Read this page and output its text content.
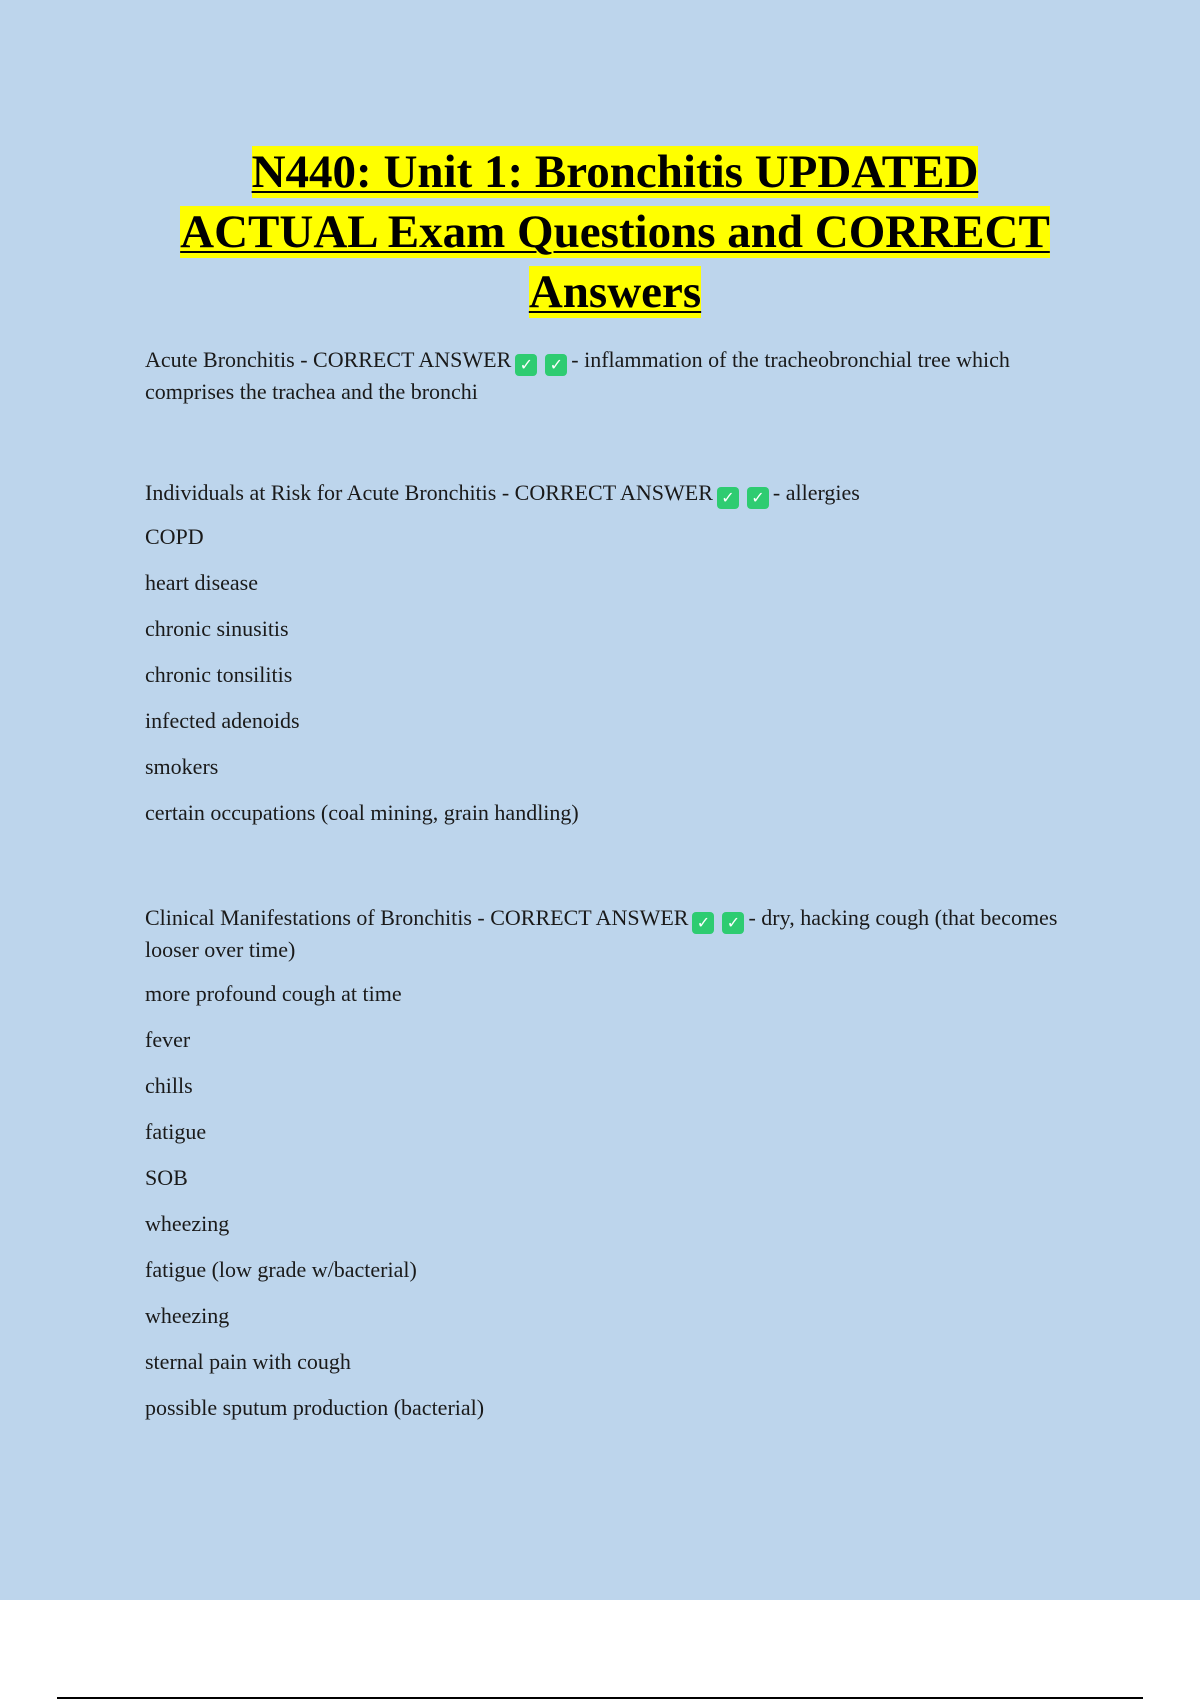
N440: Unit 1: Bronchitis UPDATED
ACTUAL Exam Questions and CORRECT
Answers

Acute Bronchitis - CORRECT ANSWER ✓ ✓ - inflammation of the tracheobronchial tree which comprises the trachea and the bronchi

Individuals at Risk for Acute Bronchitis - CORRECT ANSWER ✓ ✓ - allergies

COPD

heart disease

chronic sinusitis

chronic tonsilitis

infected adenoids

smokers

certain occupations (coal mining, grain handling)

Clinical Manifestations of Bronchitis - CORRECT ANSWER ✓ ✓ - dry, hacking cough (that becomes looser over time)

more profound cough at time

fever

chills

fatigue

SOB

wheezing

fatigue (low grade w/bacterial)

wheezing

sternal pain with cough

possible sputum production (bacterial)
